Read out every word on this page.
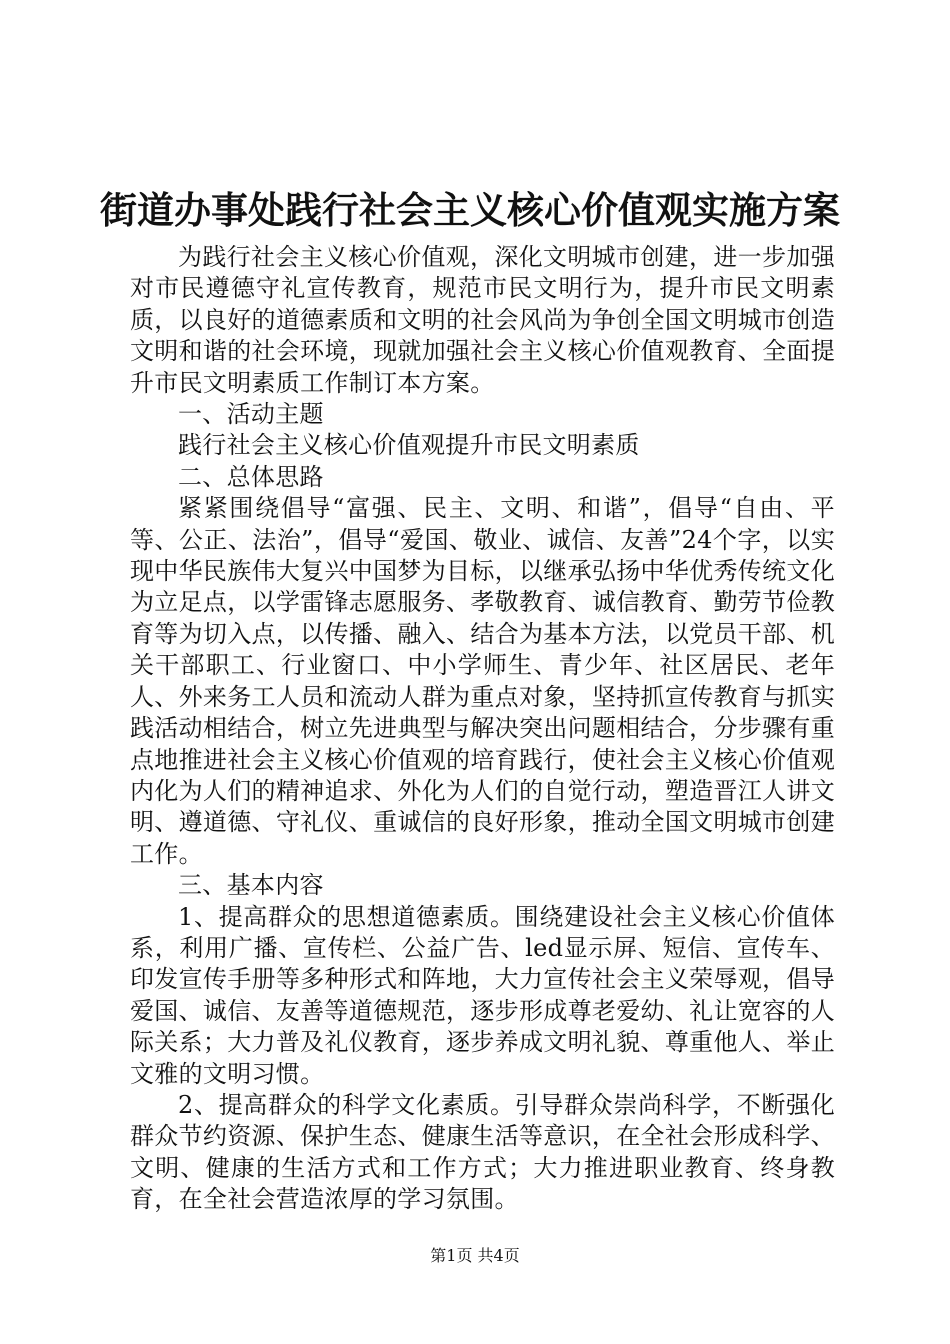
街道办事处践行社会主义核心价值观实施方案

为践行社会主义核心价值观，深化文明城市创建，进一步加强对市民遵德守礼宣传教育，规范市民文明行为，提升市民文明素质，以良好的道德素质和文明的社会风尚为争创全国文明城市创造文明和谐的社会环境，现就加强社会主义核心价值观教育、全面提升市民文明素质工作制订本方案。

一、活动主题

践行社会主义核心价值观提升市民文明素质

二、总体思路

紧紧围绕倡导“富强、民主、文明、和谐”，倡导“自由、平等、公正、法治”，倡导“爱国、敬业、诚信、友善”24个字，以实现中华民族伟大复兴中国梦为目标，以继承弘扬中华优秀传统文化为立足点，以学雷锋志愿服务、孝敬教育、诚信教育、勤劳节俭教育等为切入点，以传播、融入、结合为基本方法，以党员干部、机关干部职工、行业窗口、中小学师生、青少年、社区居民、老年人、外来务工人员和流动人群为重点对象，坚持抓宣传教育与抓实践活动相结合，树立先进典型与解决突出问题相结合，分步骤有重点地推进社会主义核心价值观的培育践行，使社会主义核心价值观内化为人们的精神追求、外化为人们的自觉行动，塑造晋江人讲文明、遵道德、守礼仪、重诚信的良好形象，推动全国文明城市创建工作。

三、基本内容

1、提高群众的思想道德素质。围绕建设社会主义核心价值体系，利用广播、宣传栏、公益广告、led显示屏、短信、宣传车、印发宣传手册等多种形式和阵地，大力宣传社会主义荣辱观，倡导爱国、诚信、友善等道德规范，逐步形成尊老爱幼、礼让宽容的人际关系；大力普及礼仪教育，逐步养成文明礼貌、尊重他人、举止文雅的文明习惯。

2、提高群众的科学文化素质。引导群众崇尚科学，不断强化群众节约资源、保护生态、健康生活等意识，在全社会形成科学、文明、健康的生活方式和工作方式；大力推进职业教育、终身教育，在全社会营造浓厚的学习氛围。

第1页 共4页
